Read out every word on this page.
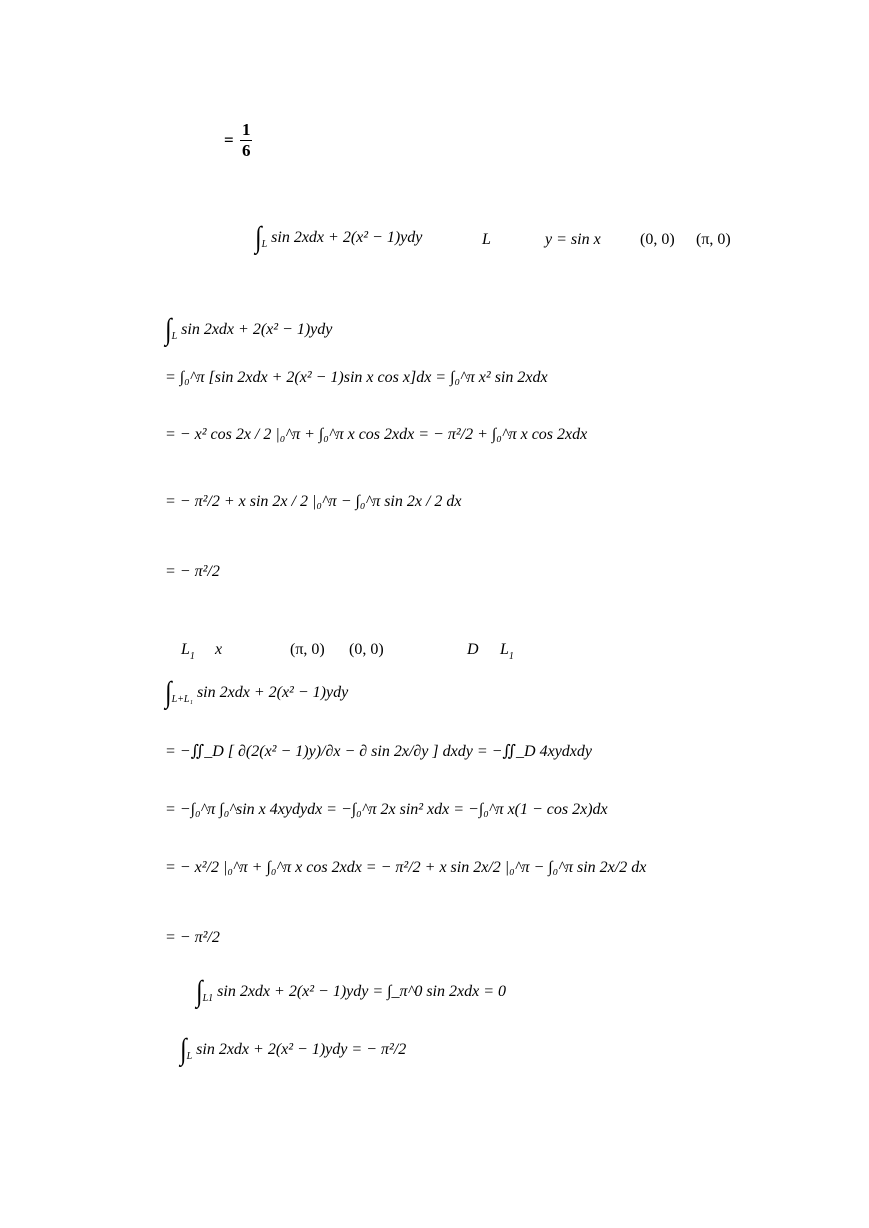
= $\frac{1}{6}$
$\int_L$ sin 2xdx + 2(x² − 1)ydy	L	y = sin x (0, 0) (π, 0)
$\int_L$ sin 2xdx + 2(x² − 1)ydy
= ∫₀^π [sin 2xdx + 2(x² − 1)sin x cos x]dx = ∫₀^π x² sin 2xdx
= − x² cos 2x / 2 |₀^π + ∫₀^π x cos 2xdx = − π²/2 + ∫₀^π x cos 2xdx
= − π²/2 + x sin 2x / 2 |₀^π − ∫₀^π sin 2x / 2 dx
= − π²/2
$L_1$ x	(π, 0) (0, 0)	D $L_1$
$\int_{L+L_1}$ sin 2xdx + 2(x² − 1)ydy
= −∬_D [ ∂(2(x² − 1)y)/∂x − ∂ sin 2x/∂y ] dxdy = −∬_D 4xydxdy
= −∫₀^π ∫₀^sin x 4xydydx = −∫₀^π 2x sin² xdx = −∫₀^π x(1 − cos 2x)dx
= − x²/2 |₀^π + ∫₀^π x cos 2xdx = − π²/2 + x sin 2x/2 |₀^π − ∫₀^π sin 2x/2 dx
= − π²/2
$\int_{L1}$ sin 2xdx + 2(x² − 1)ydy = ∫_π^0 sin 2xdx = 0
$\int_L$ sin 2xdx + 2(x² − 1)ydy = − π²/2
